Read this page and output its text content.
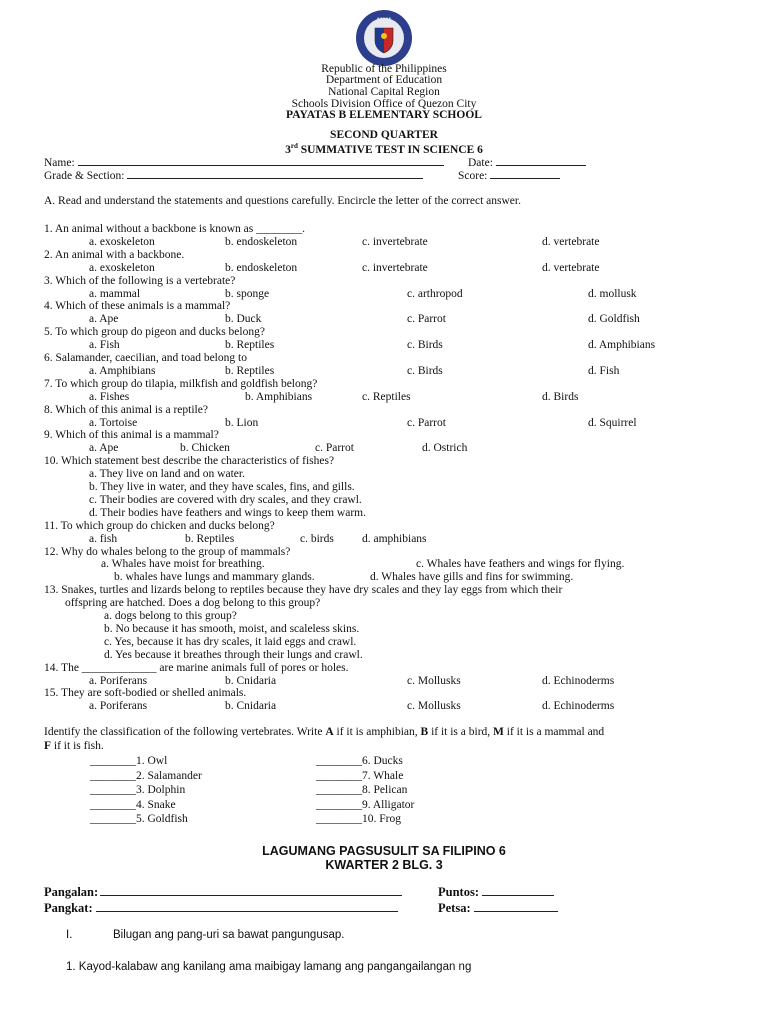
•••••
Republic of the Philippines
Department of Education
National Capital Region
Schools Division Office of Quezon City
PAYATAS B ELEMENTARY SCHOOL
SECOND QUARTER
3rd SUMMATIVE TEST IN SCIENCE 6
Name:	Date:
Grade & Section:	Score:
A. Read and understand the statements and questions carefully. Encircle the letter of the correct answer.
1. An animal without a backbone is known as ________.
a. exoskeleton	b. endoskeleton	c. invertebrate	d. vertebrate
2. An animal with a backbone.
a. exoskeleton	b. endoskeleton	c. invertebrate	d. vertebrate
3. Which of the following is a vertebrate?
a. mammal	b. sponge	c. arthropod	d. mollusk
4. Which of these animals is a mammal?
a. Ape	b. Duck	c. Parrot	d. Goldfish
5. To which group do pigeon and ducks belong?
a. Fish	b. Reptiles	c. Birds	d. Amphibians
6. Salamander, caecilian, and toad belong to
a. Amphibians	b. Reptiles	c. Birds	d. Fish
7. To which group do tilapia, milkfish and goldfish belong?
a. Fishes	b. Amphibians	c. Reptiles	d. Birds
8. Which of this animal is a reptile?
a. Tortoise	b. Lion	c. Parrot	d. Squirrel
9. Which of this animal is a mammal?
a. Ape	b. Chicken	c. Parrot	d. Ostrich
10. Which statement best describe the characteristics of fishes?
a. They live on land and on water.
b. They live in water, and they have scales, fins, and gills.
c. Their bodies are covered with dry scales, and they crawl.
d. Their bodies have feathers and wings to keep them warm.
11. To which group do chicken and ducks belong?
a. fish	b. Reptiles	c. birds d. amphibians
12. Why do whales belong to the group of mammals?
a. Whales have moist for breathing.	c. Whales have feathers and wings for flying.
b. whales have lungs and mammary glands.	d. Whales have gills and fins for swimming.
13. Snakes, turtles and lizards belong to reptiles because they have dry scales and they lay eggs from which their
offspring are hatched. Does a dog belong to this group?
a. dogs belong to this group?
b. No because it has smooth, moist, and scaleless skins.
c. Yes, because it has dry scales, it laid eggs and crawl.
d. Yes because it breathes through their lungs and crawl.
14. The _____________ are marine animals full of pores or holes.
a. Poriferans	b. Cnidaria	c. Mollusks	d. Echinoderms
15. They are soft-bodied or shelled animals.
a. Poriferans	b. Cnidaria	c. Mollusks	d. Echinoderms
Identify the classification of the following vertebrates. Write A if it is amphibian, B if it is a bird, M if it is a mammal and
F if it is fish.
________1. Owl
________2. Salamander
________3. Dolphin
________4. Snake
________5. Goldfish
________6. Ducks
________7. Whale
________8. Pelican
________9. Alligator
________10. Frog
LAGUMANG PAGSUSULIT SA FILIPINO 6
KWARTER 2 BLG. 3
Pangalan:	Puntos:
Pangkat:	Petsa:
I.	Bilugan ang pang-uri sa bawat pangungusap.
1. Kayod-kalabaw ang kanilang ama maibigay lamang ang pangangailangan ng
